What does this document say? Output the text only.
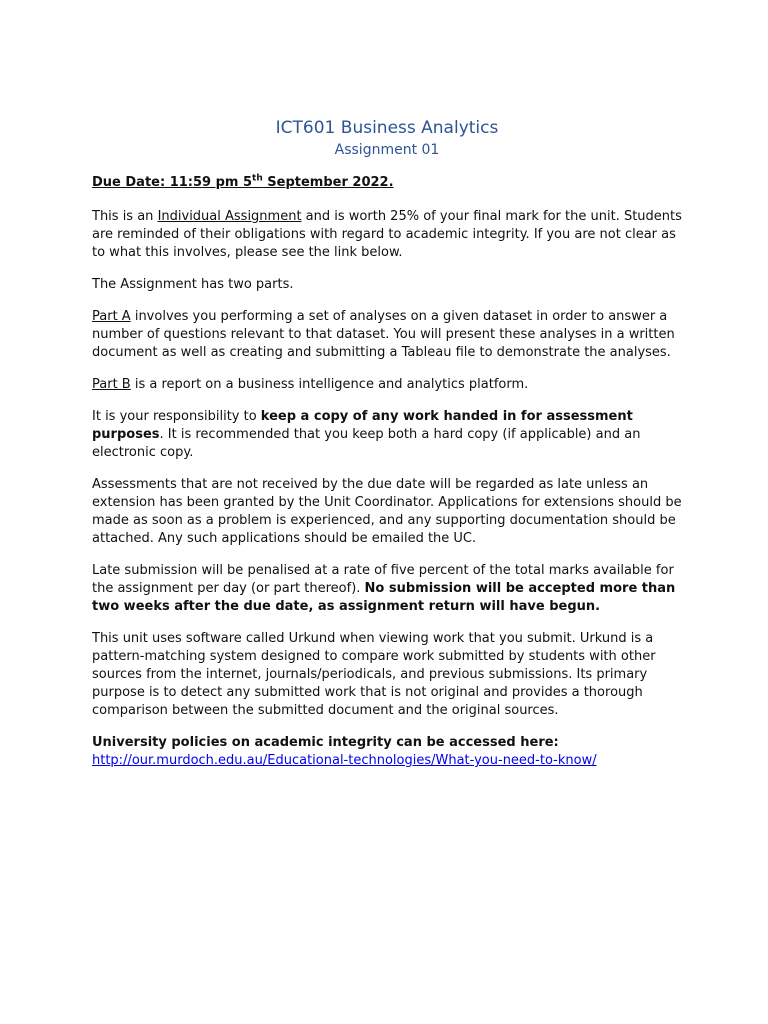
ICT601 Business Analytics
Assignment 01

Due Date: 11:59 pm 5th September 2022.

This is an Individual Assignment and is worth 25% of your final mark for the unit. Students are reminded of their obligations with regard to academic integrity. If you are not clear as to what this involves, please see the link below.

The Assignment has two parts.

Part A involves you performing a set of analyses on a given dataset in order to answer a number of questions relevant to that dataset. You will present these analyses in a written document as well as creating and submitting a Tableau file to demonstrate the analyses.

Part B is a report on a business intelligence and analytics platform.

It is your responsibility to keep a copy of any work handed in for assessment purposes. It is recommended that you keep both a hard copy (if applicable) and an electronic copy.

Assessments that are not received by the due date will be regarded as late unless an extension has been granted by the Unit Coordinator. Applications for extensions should be made as soon as a problem is experienced, and any supporting documentation should be attached. Any such applications should be emailed the UC.

Late submission will be penalised at a rate of five percent of the total marks available for the assignment per day (or part thereof). No submission will be accepted more than two weeks after the due date, as assignment return will have begun.

This unit uses software called Urkund when viewing work that you submit. Urkund is a pattern-matching system designed to compare work submitted by students with other sources from the internet, journals/periodicals, and previous submissions. Its primary purpose is to detect any submitted work that is not original and provides a thorough comparison between the submitted document and the original sources.

University policies on academic integrity can be accessed here:
http://our.murdoch.edu.au/Educational-technologies/What-you-need-to-know/
